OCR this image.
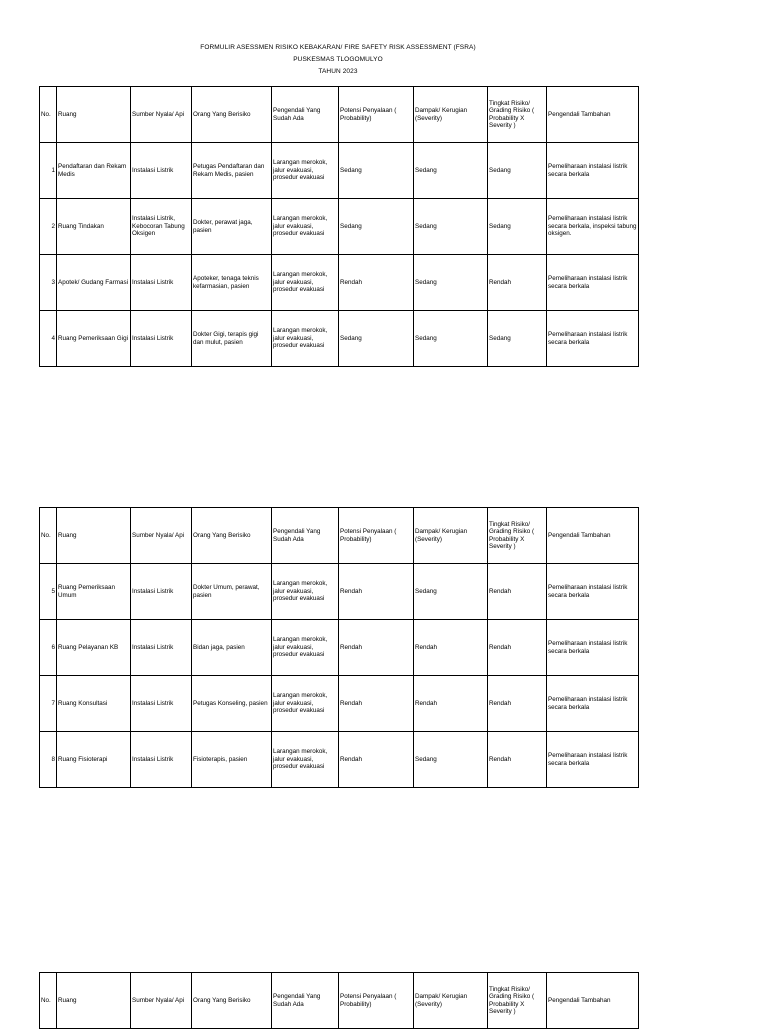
FORMULIR ASESSMEN RISIKO KEBAKARAN/ FIRE SAFETY RISK ASSESSMENT (FSRA)
PUSKESMAS TLOGOMULYO
TAHUN 2023
No.	Ruang	Sumber Nyala/ Api	Orang Yang Berisiko	Pengendali Yang Sudah Ada	Potensi Penyalaan ( Probability)	Dampak/ Kerugian (Severity)	Tingkat Risiko/ Grading Risiko ( Probability X Severity )	Pengendali Tambahan
1	Pendaftaran dan Rekam Medis	Instalasi Listrik	Petugas Pendaftaran dan Rekam Medis, pasien	Larangan merokok, jalur evakuasi, prosedur evakuasi	Sedang	Sedang	Sedang	Pemeliharaan instalasi listrik secara berkala
2	Ruang Tindakan	Instalasi Listrik, Kebocoran Tabung Oksigen	Dokter, perawat jaga, pasien	Larangan merokok, jalur evakuasi, prosedur evakuasi	Sedang	Sedang	Sedang	Pemeliharaan instalasi listrik secara berkala, inspeksi tabung oksigen.
3	Apotek/ Gudang Farmasi	Instalasi Listrik	Apoteker, tenaga teknis kefarmasian, pasien	Larangan merokok, jalur evakuasi, prosedur evakuasi	Rendah	Sedang	Rendah	Pemeliharaan instalasi listrik secara berkala
4	Ruang Pemeriksaan Gigi	Instalasi Listrik	Dokter Gigi, terapis gigi dan mulut, pasien	Larangan merokok, jalur evakuasi, prosedur evakuasi	Sedang	Sedang	Sedang	Pemeliharaan instalasi listrik secara berkala
No.	Ruang	Sumber Nyala/ Api	Orang Yang Berisiko	Pengendali Yang Sudah Ada	Potensi Penyalaan ( Probability)	Dampak/ Kerugian (Severity)	Tingkat Risiko/ Grading Risiko ( Probability X Severity )	Pengendali Tambahan
5	Ruang Pemeriksaan Umum	Instalasi Listrik	Dokter Umum, perawat, pasien	Larangan merokok, jalur evakuasi, prosedur evakuasi	Rendah	Sedang	Rendah	Pemeliharaan instalasi listrik secara berkala
6	Ruang Pelayanan KB	Instalasi Listrik	Bidan jaga, pasien	Larangan merokok, jalur evakuasi, prosedur evakuasi	Rendah	Rendah	Rendah	Pemeliharaan instalasi listrik secara berkala
7	Ruang Konsultasi	Instalasi Listrik	Petugas Konseling, pasien	Larangan merokok, jalur evakuasi, prosedur evakuasi	Rendah	Rendah	Rendah	Pemeliharaan instalasi listrik secara berkala
8	Ruang Fisioterapi	Instalasi Listrik	Fisioterapis, pasien	Larangan merokok, jalur evakuasi, prosedur evakuasi	Rendah	Sedang	Rendah	Pemeliharaan instalasi listrik secara berkala
No.	Ruang	Sumber Nyala/ Api	Orang Yang Berisiko	Pengendali Yang Sudah Ada	Potensi Penyalaan ( Probability)	Dampak/ Kerugian (Severity)	Tingkat Risiko/ Grading Risiko ( Probability X Severity )	Pengendali Tambahan
